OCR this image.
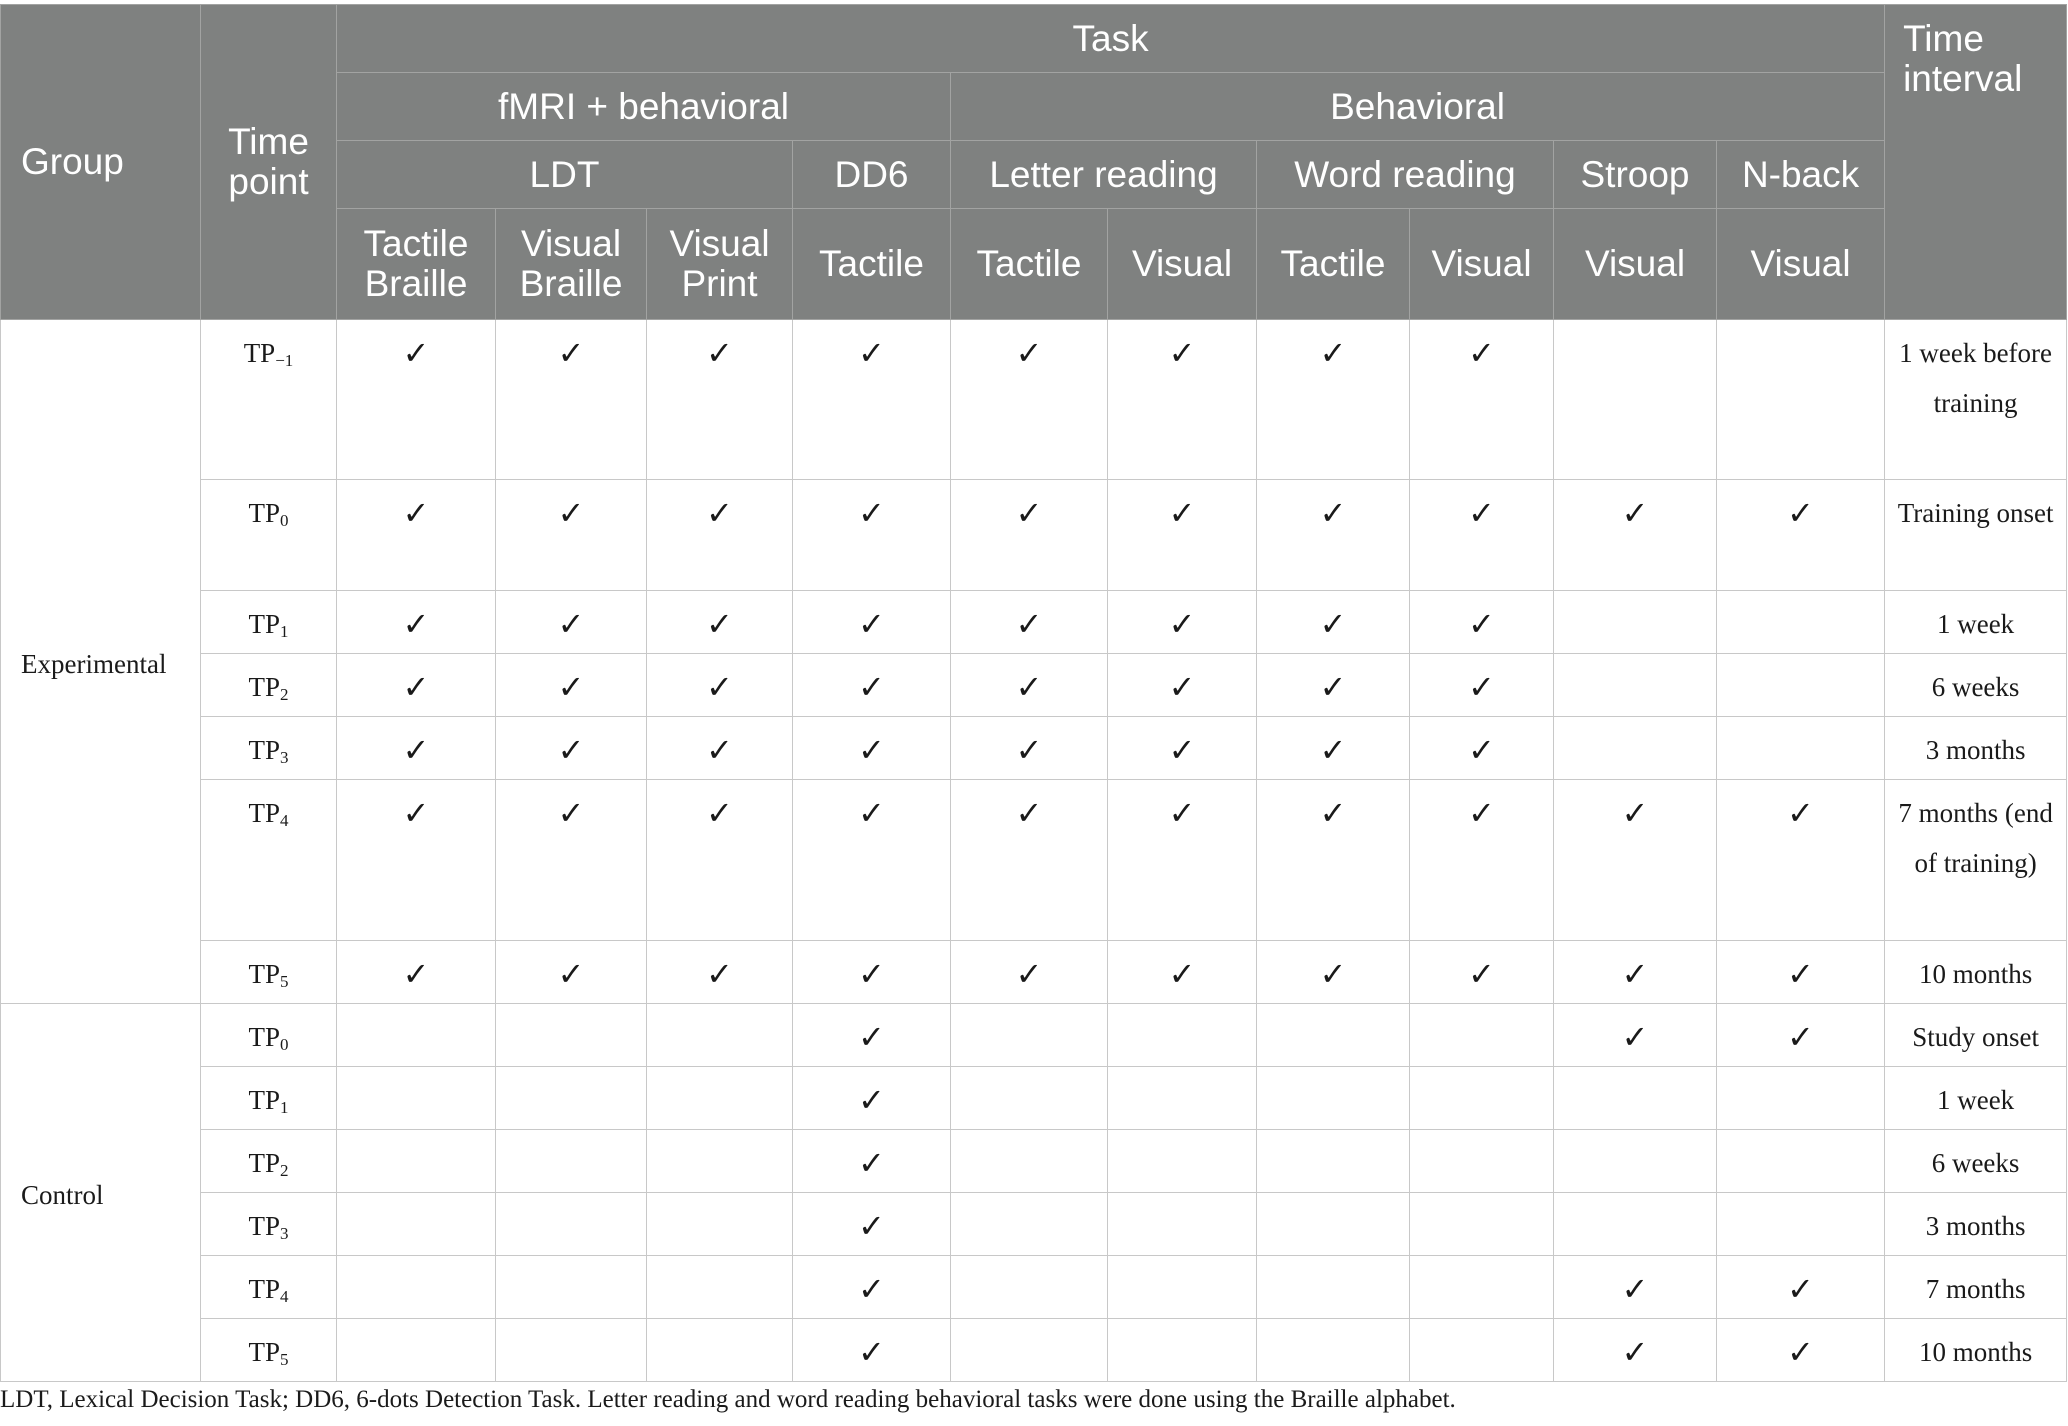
Group	Time point	Task										Time interval
		fMRI + behavioral				Behavioral						
		LDT			DD6	Letter reading		Word reading		Stroop	N-back	
		Tactile Braille	Visual Braille	Visual Print	Tactile	Tactile	Visual	Tactile	Visual	Visual	Visual	
Experimental	$TP_{-1}$	✓	✓	✓	✓	✓	✓	✓	✓			1 week before training
	$TP_0$	✓	✓	✓	✓	✓	✓	✓	✓	✓	✓	Training onset
	$TP_1$	✓	✓	✓	✓	✓	✓	✓	✓			1 week
	$TP_2$	✓	✓	✓	✓	✓	✓	✓	✓			6 weeks
	$TP_3$	✓	✓	✓	✓	✓	✓	✓	✓			3 months
	$TP_4$	✓	✓	✓	✓	✓	✓	✓	✓	✓	✓	7 months (end of training)
	$TP_5$	✓	✓	✓	✓	✓	✓	✓	✓	✓	✓	10 months
Control	$TP_0$				✓					✓	✓	Study onset
	$TP_1$				✓							1 week
	$TP_2$				✓							6 weeks
	$TP_3$				✓							3 months
	$TP_4$				✓					✓	✓	7 months
	$TP_5$				✓					✓	✓	10 months
LDT, Lexical Decision Task; DD6, 6-dots Detection Task. Letter reading and word reading behavioral tasks were done using the Braille alphabet.
